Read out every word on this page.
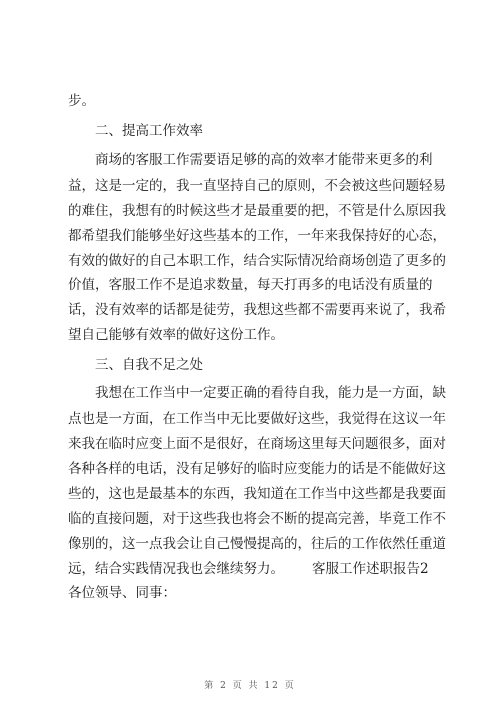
步。
二、提高工作效率
商场的客服工作需要语足够的高的效率才能带来更多的利
益，这是一定的，我一直坚持自己的原则，不会被这些问题轻易
的难住，我想有的时候这些才是最重要的把，不管是什么原因我
都希望我们能够坐好这些基本的工作，一年来我保持好的心态，
有效的做好的自己本职工作，结合实际情况给商场创造了更多的
价值，客服工作不是追求数量，每天打再多的电话没有质量的
话，没有效率的话都是徒劳，我想这些都不需要再来说了，我希
望自己能够有效率的做好这份工作。
三、自我不足之处
我想在工作当中一定要正确的看待自我，能力是一方面，缺
点也是一方面，在工作当中无比要做好这些，我觉得在这议一年
来我在临时应变上面不是很好，在商场这里每天问题很多，面对
各种各样的电话，没有足够好的临时应变能力的话是不能做好这
些的，这也是最基本的东西，我知道在工作当中这些都是我要面
临的直接问题，对于这些我也将会不断的提高完善，毕竟工作不
像别的，这一点我会让自己慢慢提高的，往后的工作依然任重道
远，结合实践情况我也会继续努力。 客服工作述职报告2
各位领导、同事：
第 2 页 共 12 页
